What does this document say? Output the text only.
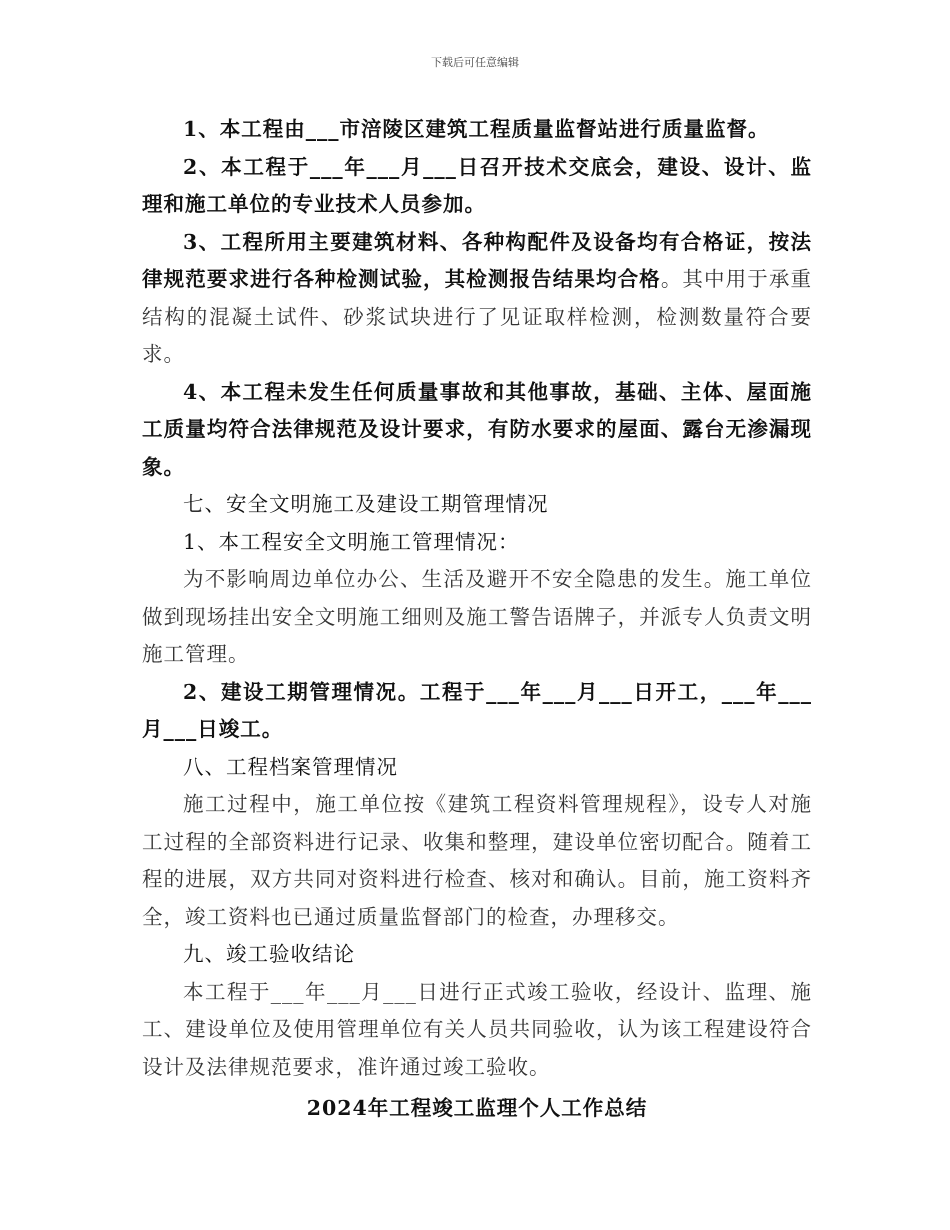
下载后可任意编辑

1、本工程由___市涪陵区建筑工程质量监督站进行质量监督。

2、本工程于___年___月___日召开技术交底会，建设、设计、监理和施工单位的专业技术人员参加。

3、工程所用主要建筑材料、各种构配件及设备均有合格证，按法律规范要求进行各种检测试验，其检测报告结果均合格。其中用于承重结构的混凝土试件、砂浆试块进行了见证取样检测，检测数量符合要求。

4、本工程未发生任何质量事故和其他事故，基础、主体、屋面施工质量均符合法律规范及设计要求，有防水要求的屋面、露台无渗漏现象。

七、安全文明施工及建设工期管理情况

1、本工程安全文明施工管理情况：

为不影响周边单位办公、生活及避开不安全隐患的发生。施工单位做到现场挂出安全文明施工细则及施工警告语牌子，并派专人负责文明施工管理。

2、建设工期管理情况。工程于___年___月___日开工，___年___月___日竣工。

八、工程档案管理情况

施工过程中，施工单位按《建筑工程资料管理规程》，设专人对施工过程的全部资料进行记录、收集和整理，建设单位密切配合。随着工程的进展，双方共同对资料进行检查、核对和确认。目前，施工资料齐全，竣工资料也已通过质量监督部门的检查，办理移交。

九、竣工验收结论

本工程于___年___月___日进行正式竣工验收，经设计、监理、施工、建设单位及使用管理单位有关人员共同验收，认为该工程建设符合设计及法律规范要求，准许通过竣工验收。

2024年工程竣工监理个人工作总结
